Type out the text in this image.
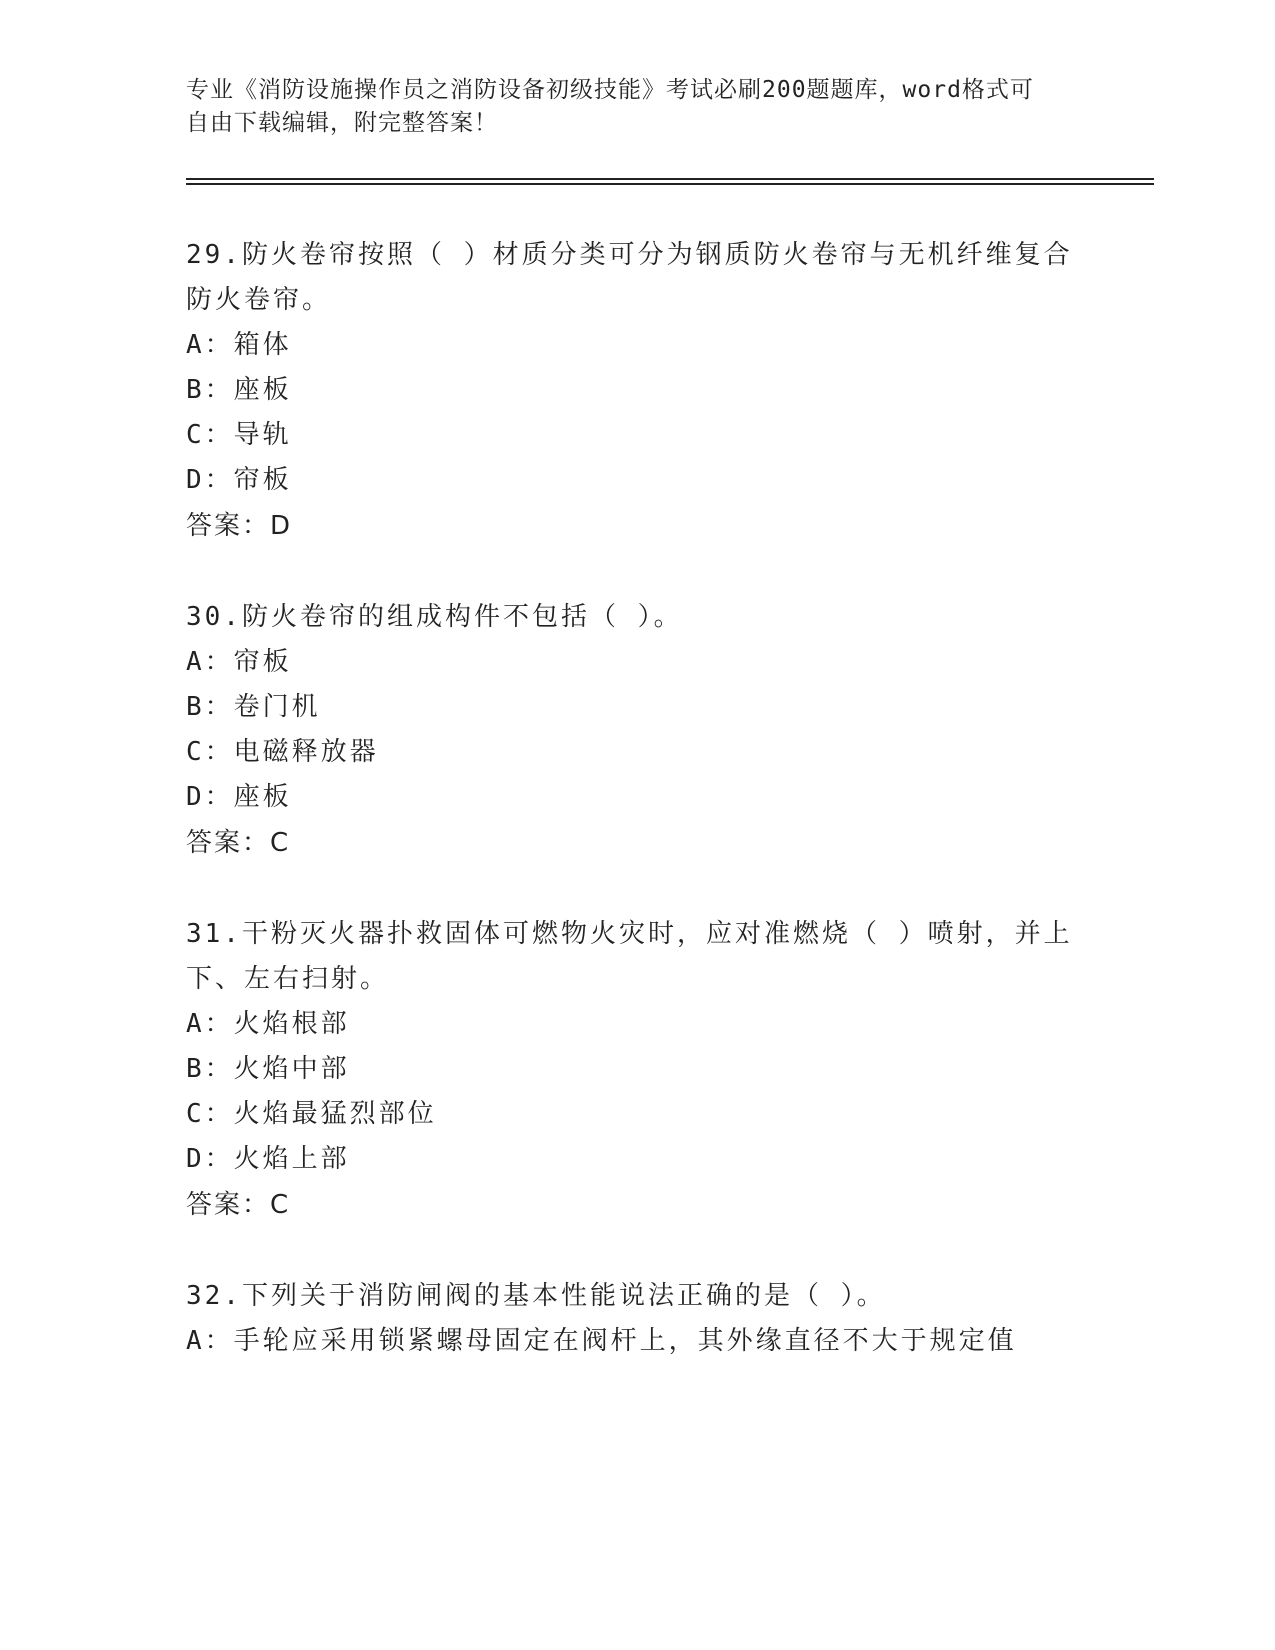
专业《消防设施操作员之消防设备初级技能》考试必刷200题题库，word格式可
自由下载编辑，附完整答案！
29.防火卷帘按照（ ）材质分类可分为钢质防火卷帘与无机纤维复合
防火卷帘。
A：箱体
B：座板
C：导轨
D：帘板
答案：D
30.防火卷帘的组成构件不包括（ ）。
A：帘板
B：卷门机
C：电磁释放器
D：座板
答案：C
31.干粉灭火器扑救固体可燃物火灾时，应对准燃烧（ ）喷射，并上
下、左右扫射。
A：火焰根部
B：火焰中部
C：火焰最猛烈部位
D：火焰上部
答案：C
32.下列关于消防闸阀的基本性能说法正确的是（ ）。
A：手轮应采用锁紧螺母固定在阀杆上，其外缘直径不大于规定值
